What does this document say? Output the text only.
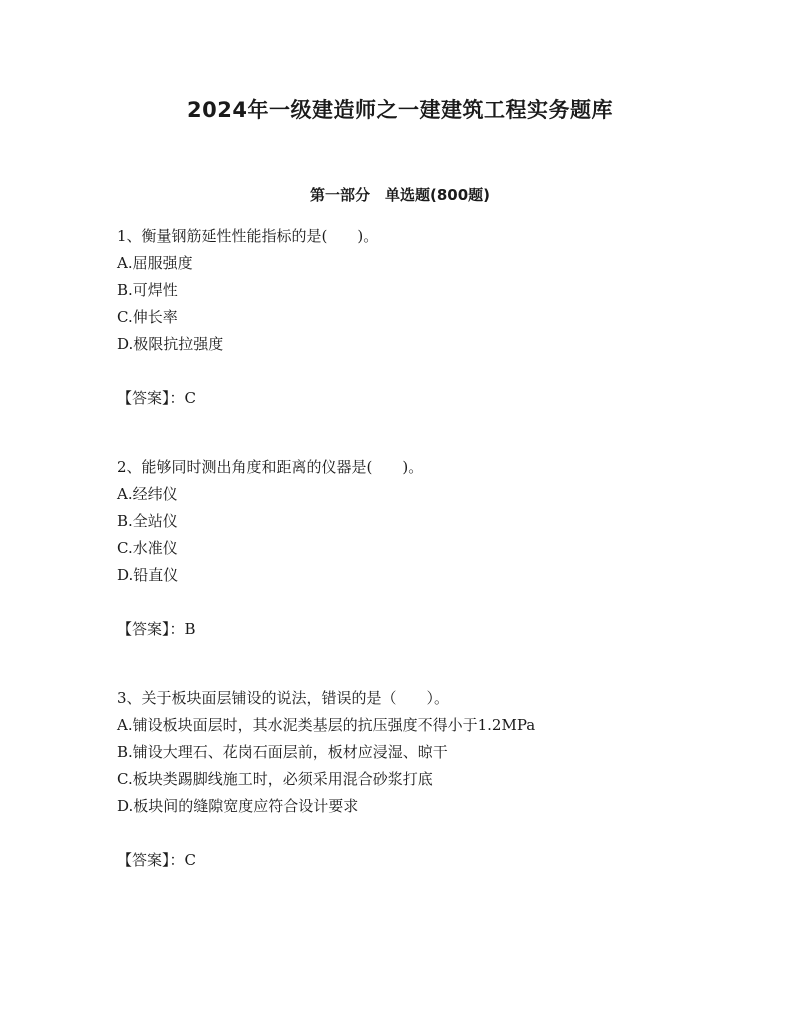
2024年一级建造师之一建建筑工程实务题库
第一部分　单选题(800题)
1、衡量钢筋延性性能指标的是(　　)。
A.屈服强度
B.可焊性
C.伸长率
D.极限抗拉强度
【答案】：C
2、能够同时测出角度和距离的仪器是(　　)。
A.经纬仪
B.全站仪
C.水准仪
D.铅直仪
【答案】：B
3、关于板块面层铺设的说法，错误的是（　　）。
A.铺设板块面层时，其水泥类基层的抗压强度不得小于1.2MPa
B.铺设大理石、花岗石面层前，板材应浸湿、晾干
C.板块类踢脚线施工时，必须采用混合砂浆打底
D.板块间的缝隙宽度应符合设计要求
【答案】：C
